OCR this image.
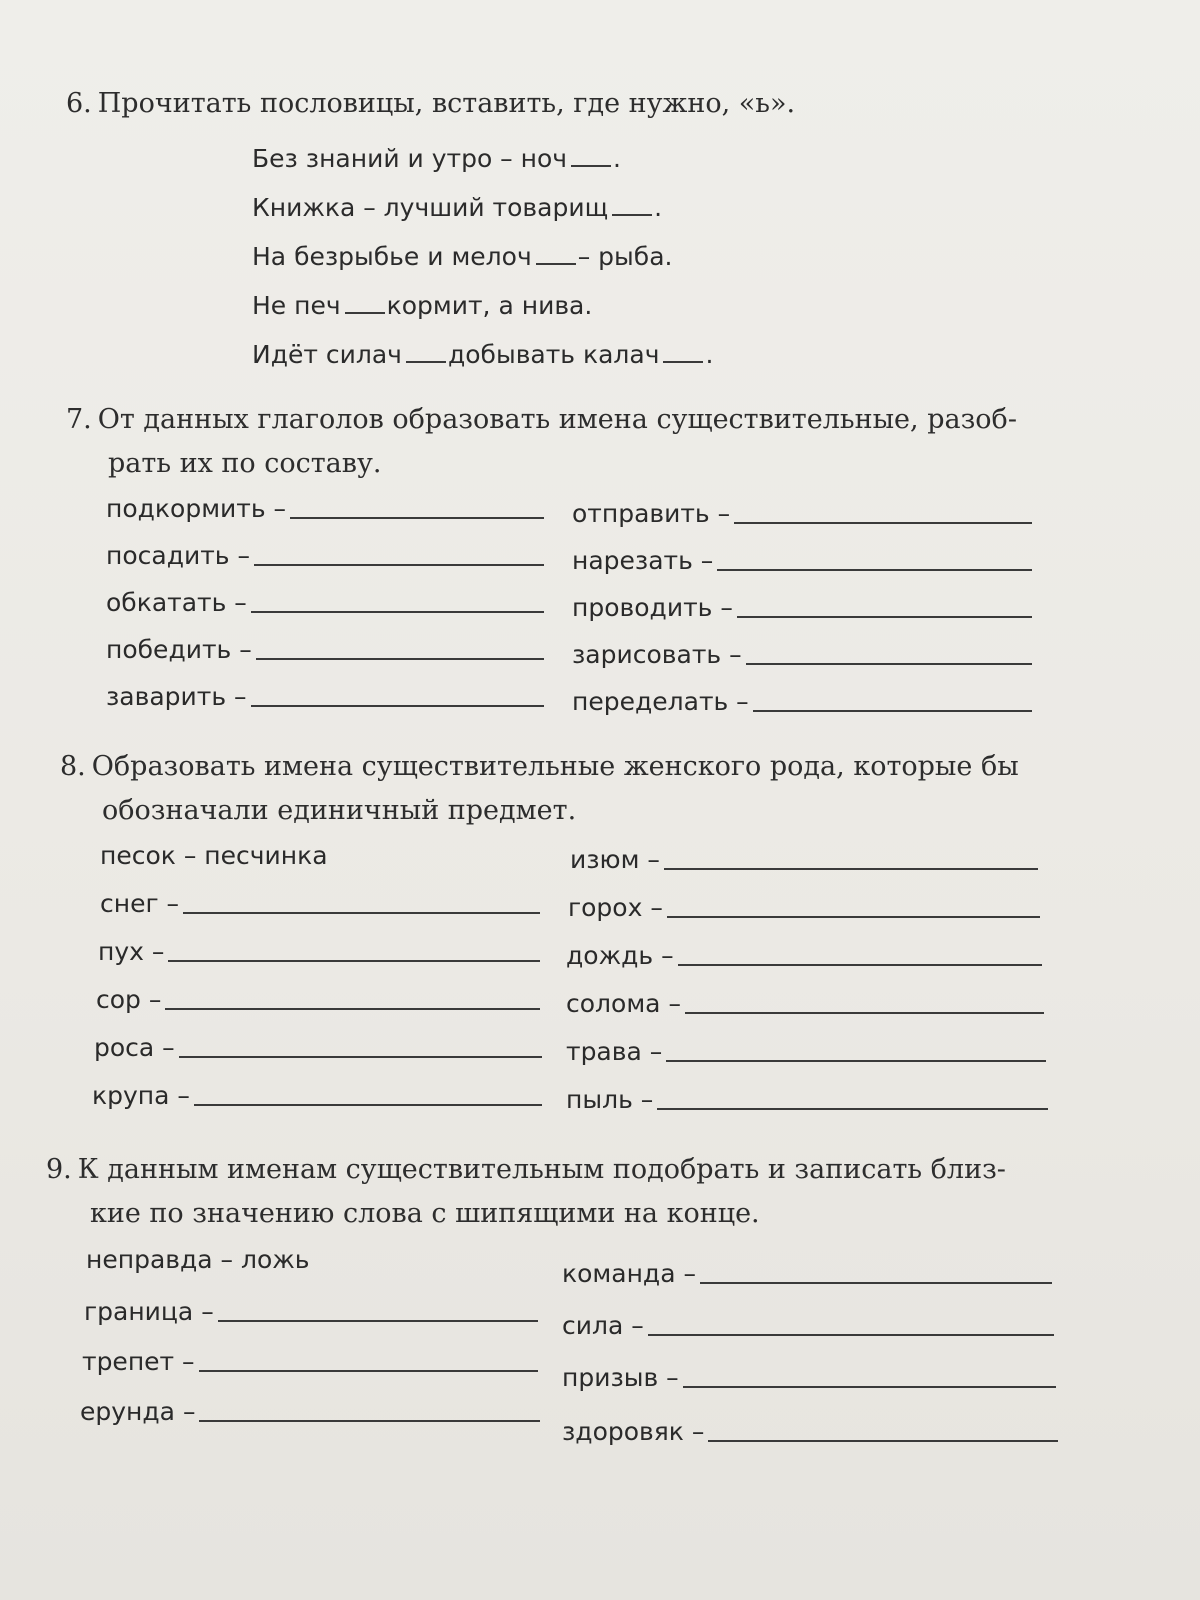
6. Прочитать пословицы, вставить, где нужно, «ь».
Без знаний и утро – ноч .
Книжка – лучший товарищ .
На безрыбье и мелоч – рыба.
Не печ кормит, а нива.
Идёт силач добывать калач .
7. От данных глаголов образовать имена существительные, разоб-
рать их по составу.
подкормить –
посадить –
обкатать –
победить –
заварить –
отправить –
нарезать –
проводить –
зарисовать –
переделать –
8. Образовать имена существительные женского рода, которые бы
обозначали единичный предмет.
песок – песчинка
снег –
пух –
сор –
роса –
крупа –
изюм –
горох –
дождь –
солома –
трава –
пыль –
9. К данным именам существительным подобрать и записать близ-
кие по значению слова с шипящими на конце.
неправда – ложь
граница –
трепет –
ерунда –
команда –
сила –
призыв –
здоровяк –
